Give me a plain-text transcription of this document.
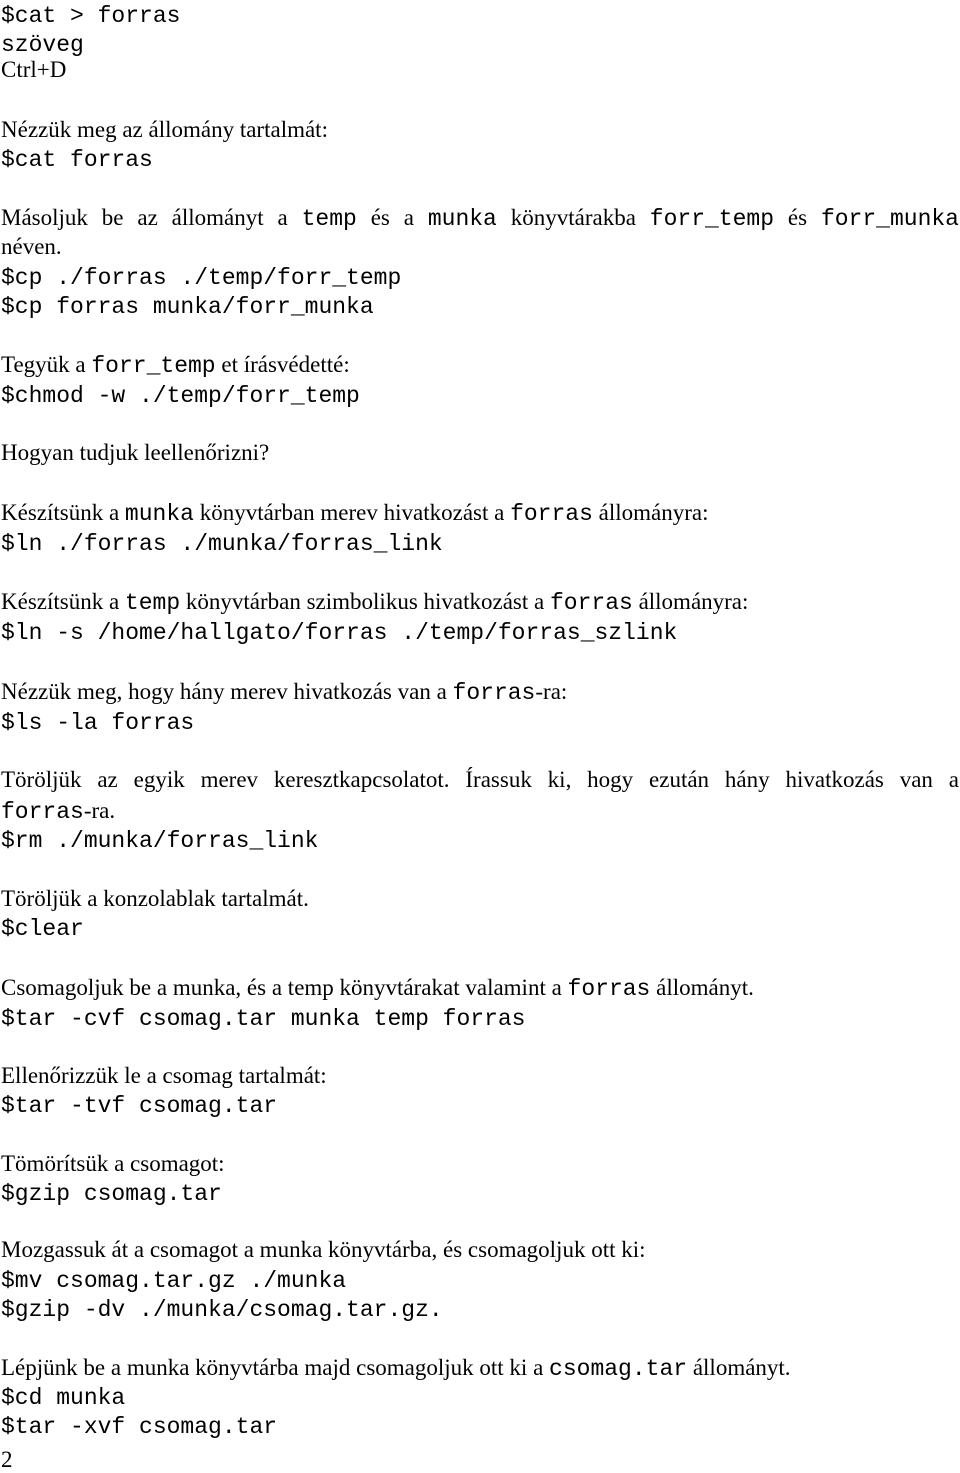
$cat > forras
szöveg
Ctrl+D
Nézzük meg az állomány tartalmát:
$cat forras
Másoljuk be az állományt a temp és a munka könyvtárakba forr_temp és forr_munka
néven.
$cp ./forras ./temp/forr_temp
$cp forras munka/forr_munka
Tegyük a forr_temp et írásvédetté:
$chmod -w ./temp/forr_temp
Hogyan tudjuk leellenőrizni?
Készítsünk a munka könyvtárban merev hivatkozást a forras állományra:
$ln ./forras ./munka/forras_link
Készítsünk a temp könyvtárban szimbolikus hivatkozást a forras állományra:
$ln -s /home/hallgato/forras ./temp/forras_szlink
Nézzük meg, hogy hány merev hivatkozás van a forras-ra:
$ls -la forras
Töröljük az egyik merev keresztkapcsolatot. Írassuk ki, hogy ezután hány hivatkozás van a
forras-ra.
$rm ./munka/forras_link
Töröljük a konzolablak tartalmát.
$clear
Csomagoljuk be a munka, és a temp könyvtárakat valamint a forras állományt.
$tar -cvf csomag.tar munka temp forras
Ellenőrizzük le a csomag tartalmát:
$tar -tvf csomag.tar
Tömörítsük a csomagot:
$gzip csomag.tar
Mozgassuk át a csomagot a munka könyvtárba, és csomagoljuk ott ki:
$mv csomag.tar.gz ./munka
$gzip -dv ./munka/csomag.tar.gz.
Lépjünk be a munka könyvtárba majd csomagoljuk ott ki a csomag.tar állományt.
$cd munka
$tar -xvf csomag.tar
2
